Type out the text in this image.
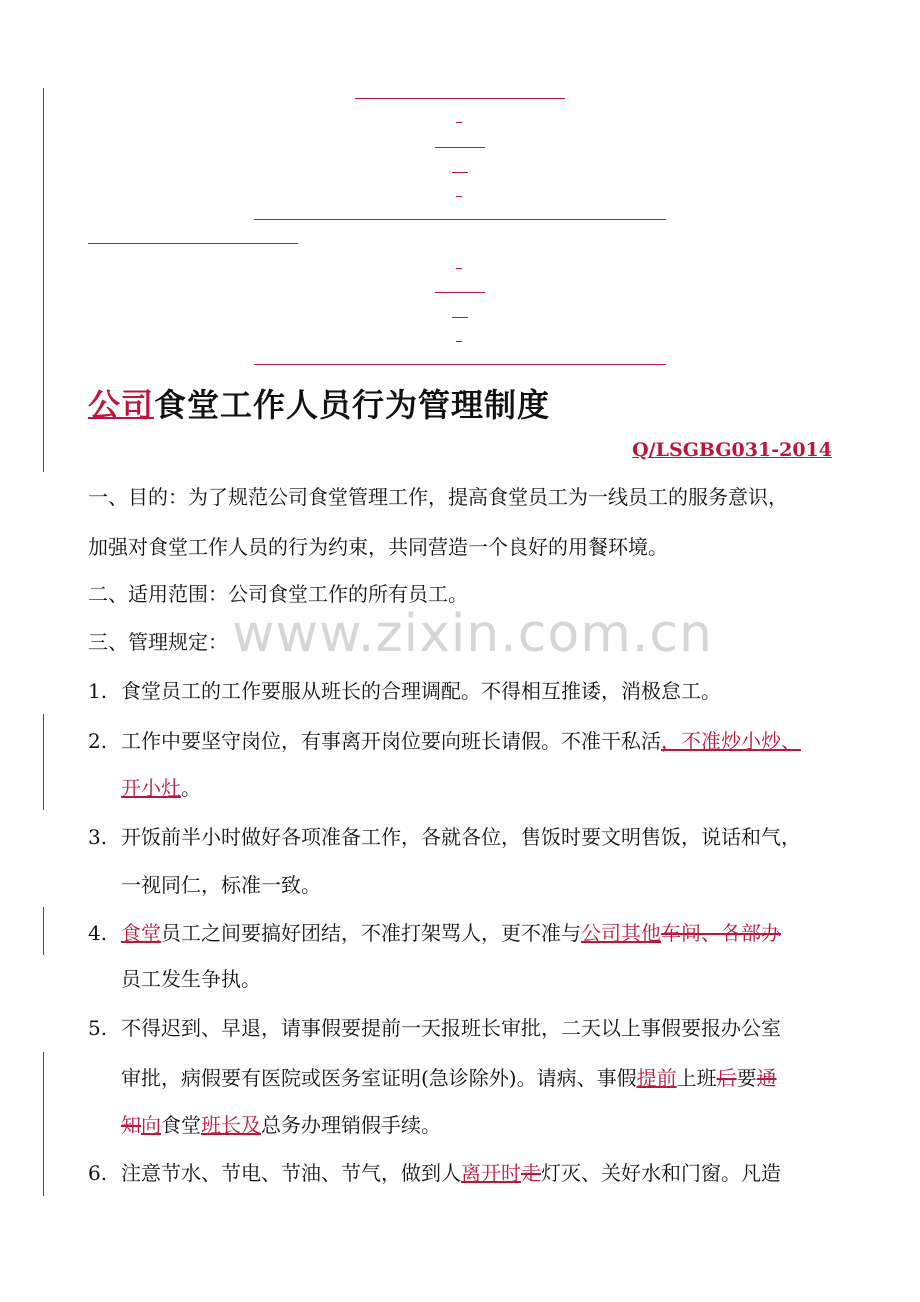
公司食堂工作人员行为管理制度
Q/LSGBG031-2014
www.zixin.com.cn
一、目的：为了规范公司食堂管理工作，提高食堂员工为一线员工的服务意识，
加强对食堂工作人员的行为约束，共同营造一个良好的用餐环境。
二、适用范围：公司食堂工作的所有员工。
三、管理规定：
1. 食堂员工的工作要服从班长的合理调配。不得相互推诿，消极怠工。
2. 工作中要坚守岗位，有事离开岗位要向班长请假。不准干私活，不准炒小炒、
开小灶。
3. 开饭前半小时做好各项准备工作，各就各位，售饭时要文明售饭，说话和气，
一视同仁，标准一致。
4. 食堂员工之间要搞好团结，不准打架骂人，更不准与公司其他车间、各部办
员工发生争执。
5. 不得迟到、早退，请事假要提前一天报班长审批，二天以上事假要报办公室
审批，病假要有医院或医务室证明(急诊除外)。请病、事假提前上班后要通
知向食堂班长及总务办理销假手续。
6. 注意节水、节电、节油、节气，做到人离开时走灯灭、关好水和门窗。凡造
